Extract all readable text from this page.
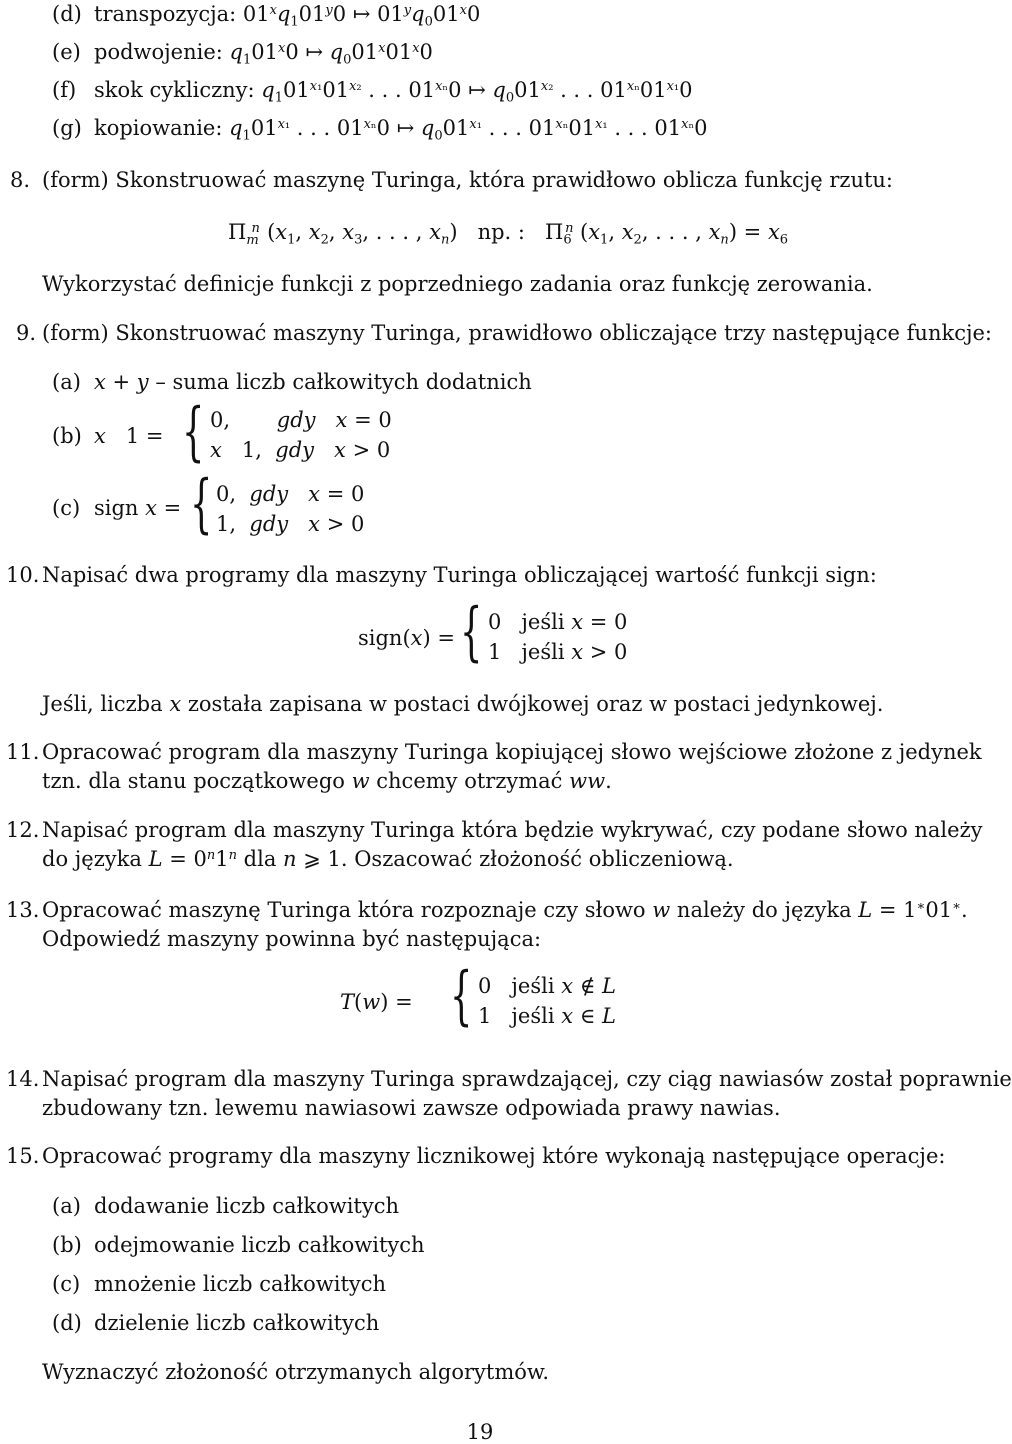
(d) transpozycja: $01^xq_101^y0$ ↦ $01^yq_001^x0$
(e) podwojenie: $q_101^x0$ ↦ $q_001^x01^x0$
(f) skok cykliczny: $q_101^{x_1}01^{x_2}$ . . . $01^{x_n}0$ ↦ $q_001^{x_2}$ . . . $01^{x_n}01^{x_1}0$
(g) kopiowanie: $q_101^{x_1}$ . . . $01^{x_n}0$ ↦ $q_001^{x_1}$ . . . $01^{x_n}01^{x_1}$ . . . $01^{x_n}0$
8. (form) Skonstruować maszynę Turinga, która prawidłowo oblicza funkcję rzutu:
$\Pi_m^n$ ($x_1$, $x_2$, $x_3$, . . . , $x_n$)   np. :   $\Pi_6^n$ ($x_1$, $x_2$, . . . , $x_n) = x_6$
Wykorzystać definicje funkcji z poprzedniego zadania oraz funkcję zerowania.
9. (form) Skonstruować maszyny Turinga, prawidłowo obliczające trzy następujące funkcje:
(a) x + y – suma liczb całkowitych dodatnich
(b) x   1 = { 0,       gdy x = 0
x   1,  gdy x > 0
(c) sign x = { 0,  gdy x = 0
1,  gdy x > 0
10. Napisać dwa programy dla maszyny Turinga obliczającej wartość funkcji sign:
sign(x) = { 0   jeśli x = 0
1   jeśli x > 0
Jeśli, liczba x została zapisana w postaci dwójkowej oraz w postaci jedynkowej.
11. Opracować program dla maszyny Turinga kopiującej słowo wejściowe złożone z jedynek
tzn. dla stanu początkowego w chcemy otrzymać ww.
12. Napisać program dla maszyny Turinga która będzie wykrywać, czy podane słowo należy
do języka $L = 0^n1^n$ dla n ⩾ 1. Oszacować złożoność obliczeniową.
13. Opracować maszynę Turinga która rozpoznaje czy słowo w należy do języka L = 1∗01∗.
Odpowiedź maszyny powinna być następująca:
T(w) = { 0   jeśli x ∉ L
1   jeśli x ∈ L
14. Napisać program dla maszyny Turinga sprawdzającej, czy ciąg nawiasów został poprawnie
zbudowany tzn. lewemu nawiasowi zawsze odpowiada prawy nawias.
15. Opracować programy dla maszyny licznikowej które wykonają następujące operacje:
(a) dodawanie liczb całkowitych
(b) odejmowanie liczb całkowitych
(c) mnożenie liczb całkowitych
(d) dzielenie liczb całkowitych
Wyznaczyć złożoność otrzymanych algorytmów.
19
